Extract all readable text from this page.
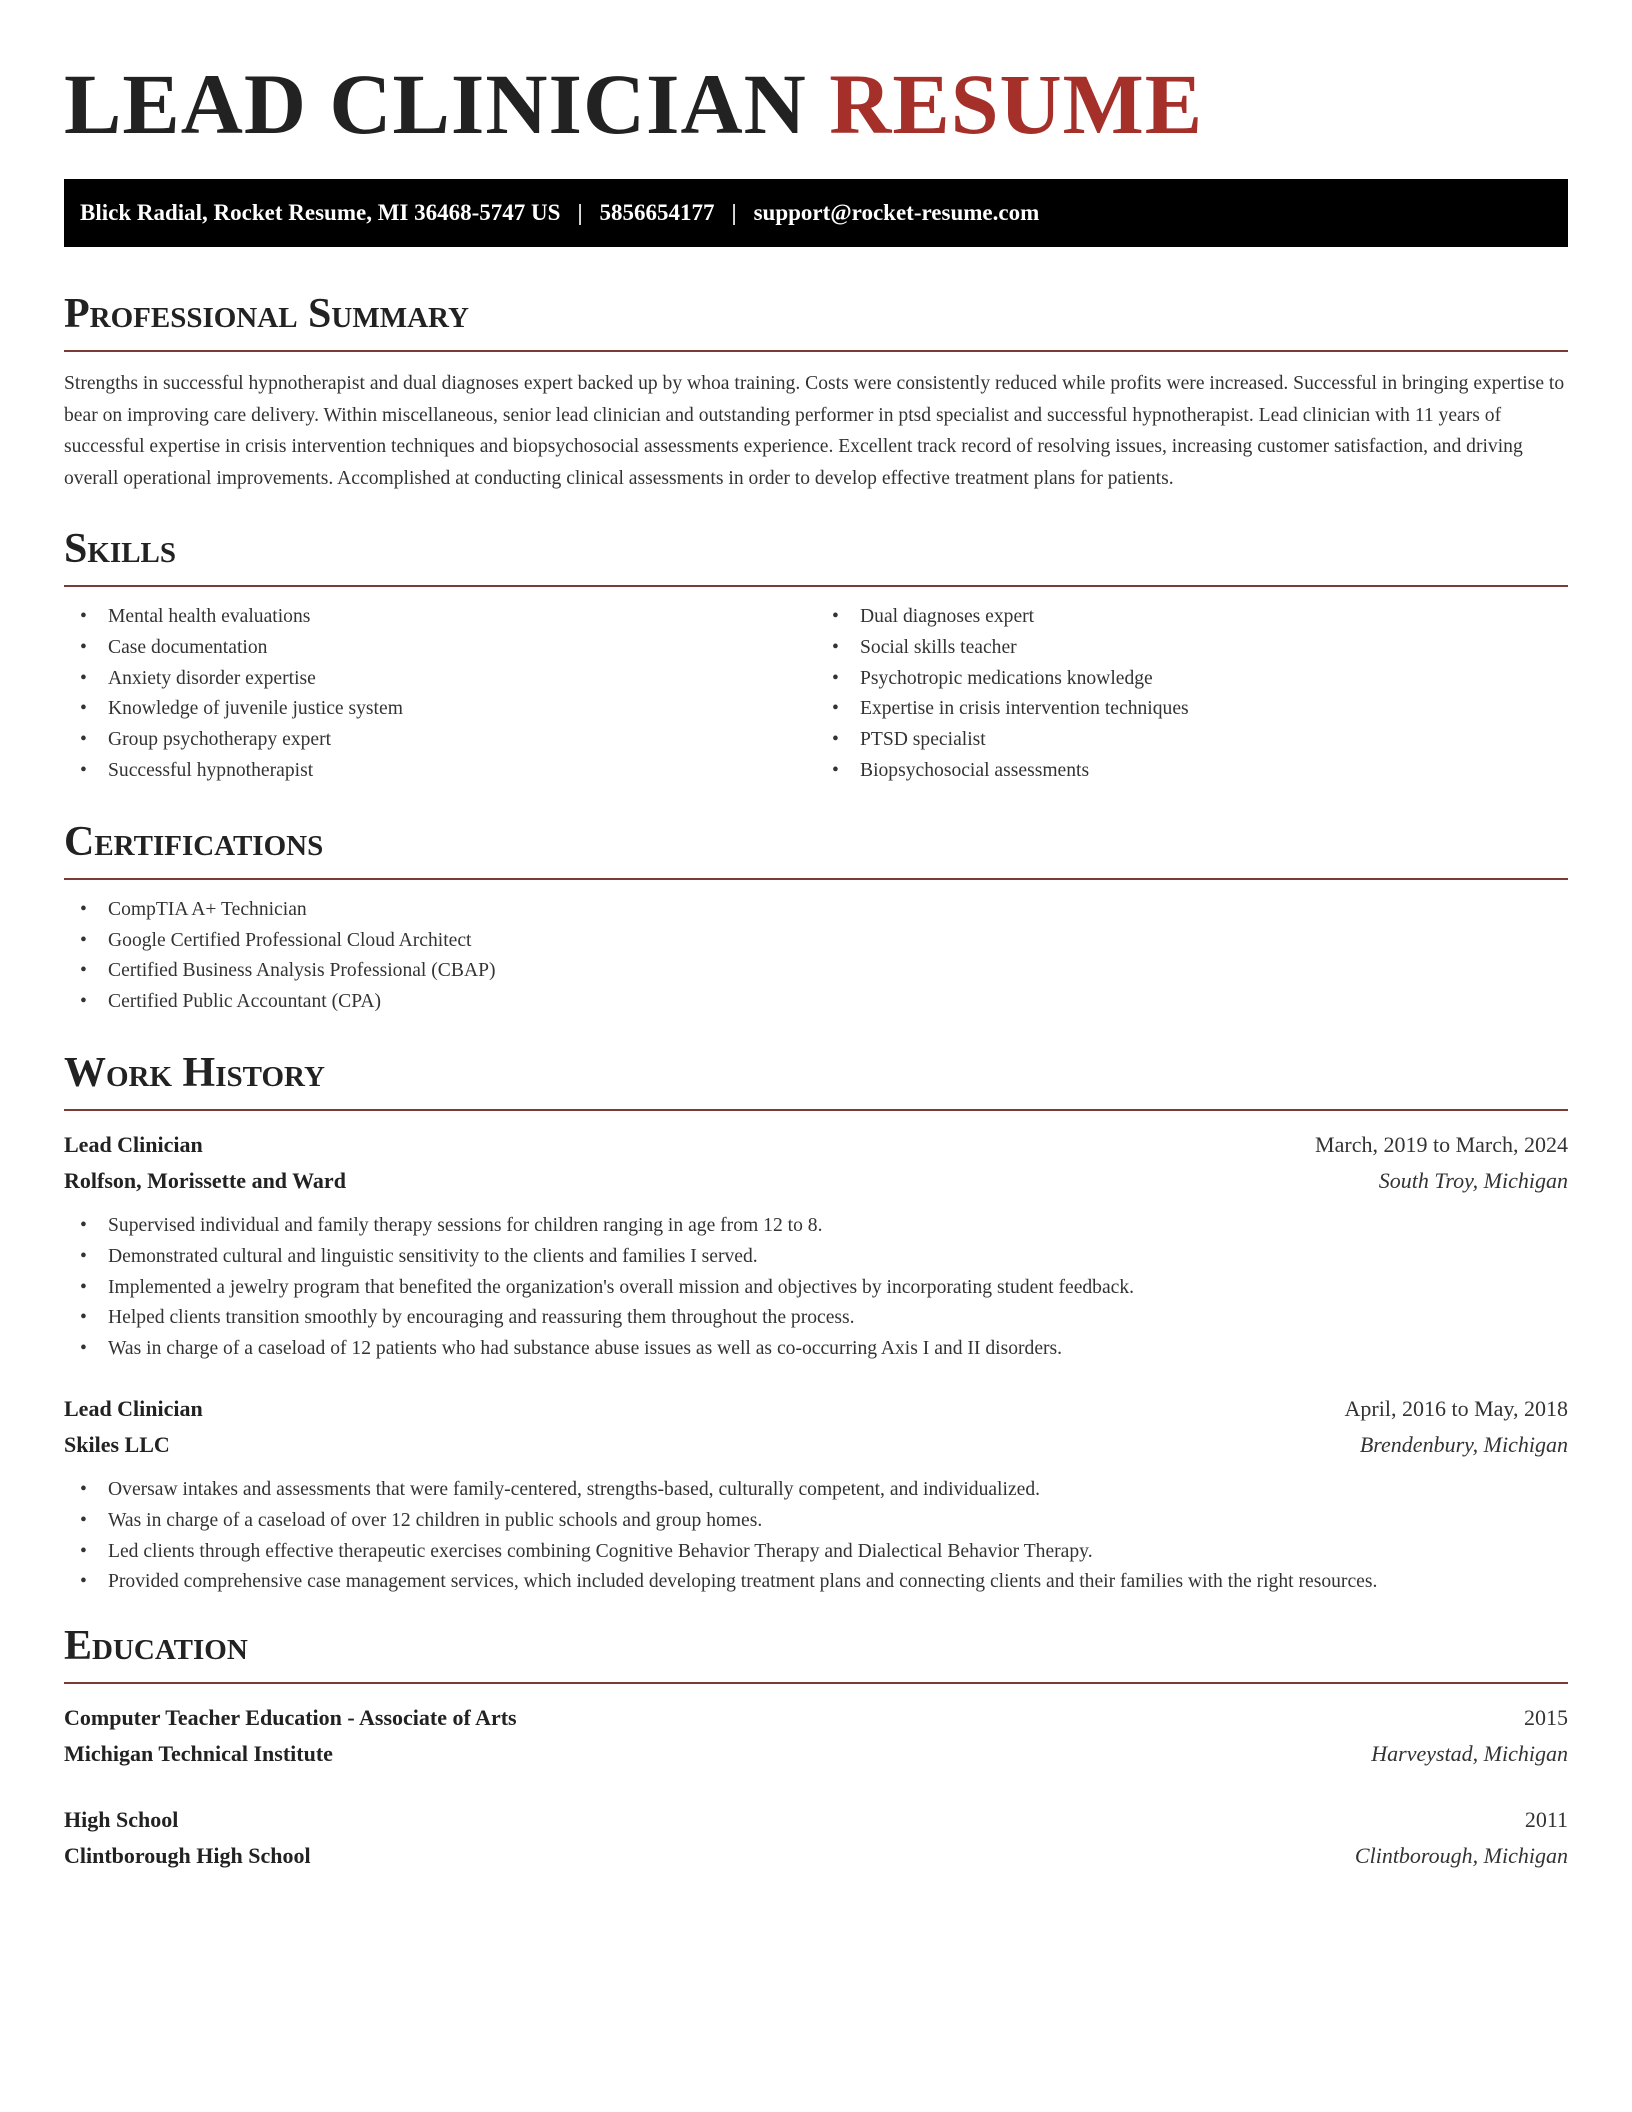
LEAD CLINICIAN RESUME
Blick Radial, Rocket Resume, MI 36468-5747 US | 5856654177 | support@rocket-resume.com
Professional Summary

Strengths in successful hypnotherapist and dual diagnoses expert backed up by whoa training. Costs were consistently reduced while profits were increased. Successful in bringing expertise to bear on improving care delivery. Within miscellaneous, senior lead clinician and outstanding performer in ptsd specialist and successful hypnotherapist. Lead clinician with 11 years of successful expertise in crisis intervention techniques and biopsychosocial assessments experience. Excellent track record of resolving issues, increasing customer satisfaction, and driving overall operational improvements. Accomplished at conducting clinical assessments in order to develop effective treatment plans for patients.

Skills
• Mental health evaluations
• Case documentation
• Anxiety disorder expertise
• Knowledge of juvenile justice system
• Group psychotherapy expert
• Successful hypnotherapist
• Dual diagnoses expert
• Social skills teacher
• Psychotropic medications knowledge
• Expertise in crisis intervention techniques
• PTSD specialist
• Biopsychosocial assessments
Certifications
• CompTIA A+ Technician
• Google Certified Professional Cloud Architect
• Certified Business Analysis Professional (CBAP)
• Certified Public Accountant (CPA)
Work History
Lead Clinician	March, 2019 to March, 2024
Rolfson, Morissette and Ward	South Troy, Michigan
• Supervised individual and family therapy sessions for children ranging in age from 12 to 8.
• Demonstrated cultural and linguistic sensitivity to the clients and families I served.
• Implemented a jewelry program that benefited the organization's overall mission and objectives by incorporating student feedback.
• Helped clients transition smoothly by encouraging and reassuring them throughout the process.
• Was in charge of a caseload of 12 patients who had substance abuse issues as well as co-occurring Axis I and II disorders.
Lead Clinician	April, 2016 to May, 2018
Skiles LLC	Brendenbury, Michigan
• Oversaw intakes and assessments that were family-centered, strengths-based, culturally competent, and individualized.
• Was in charge of a caseload of over 12 children in public schools and group homes.
• Led clients through effective therapeutic exercises combining Cognitive Behavior Therapy and Dialectical Behavior Therapy.
• Provided comprehensive case management services, which included developing treatment plans and connecting clients and their families with the right resources.
Education
Computer Teacher Education - Associate of Arts	2015
Michigan Technical Institute	Harveystad, Michigan
High School	2011
Clintborough High School	Clintborough, Michigan
